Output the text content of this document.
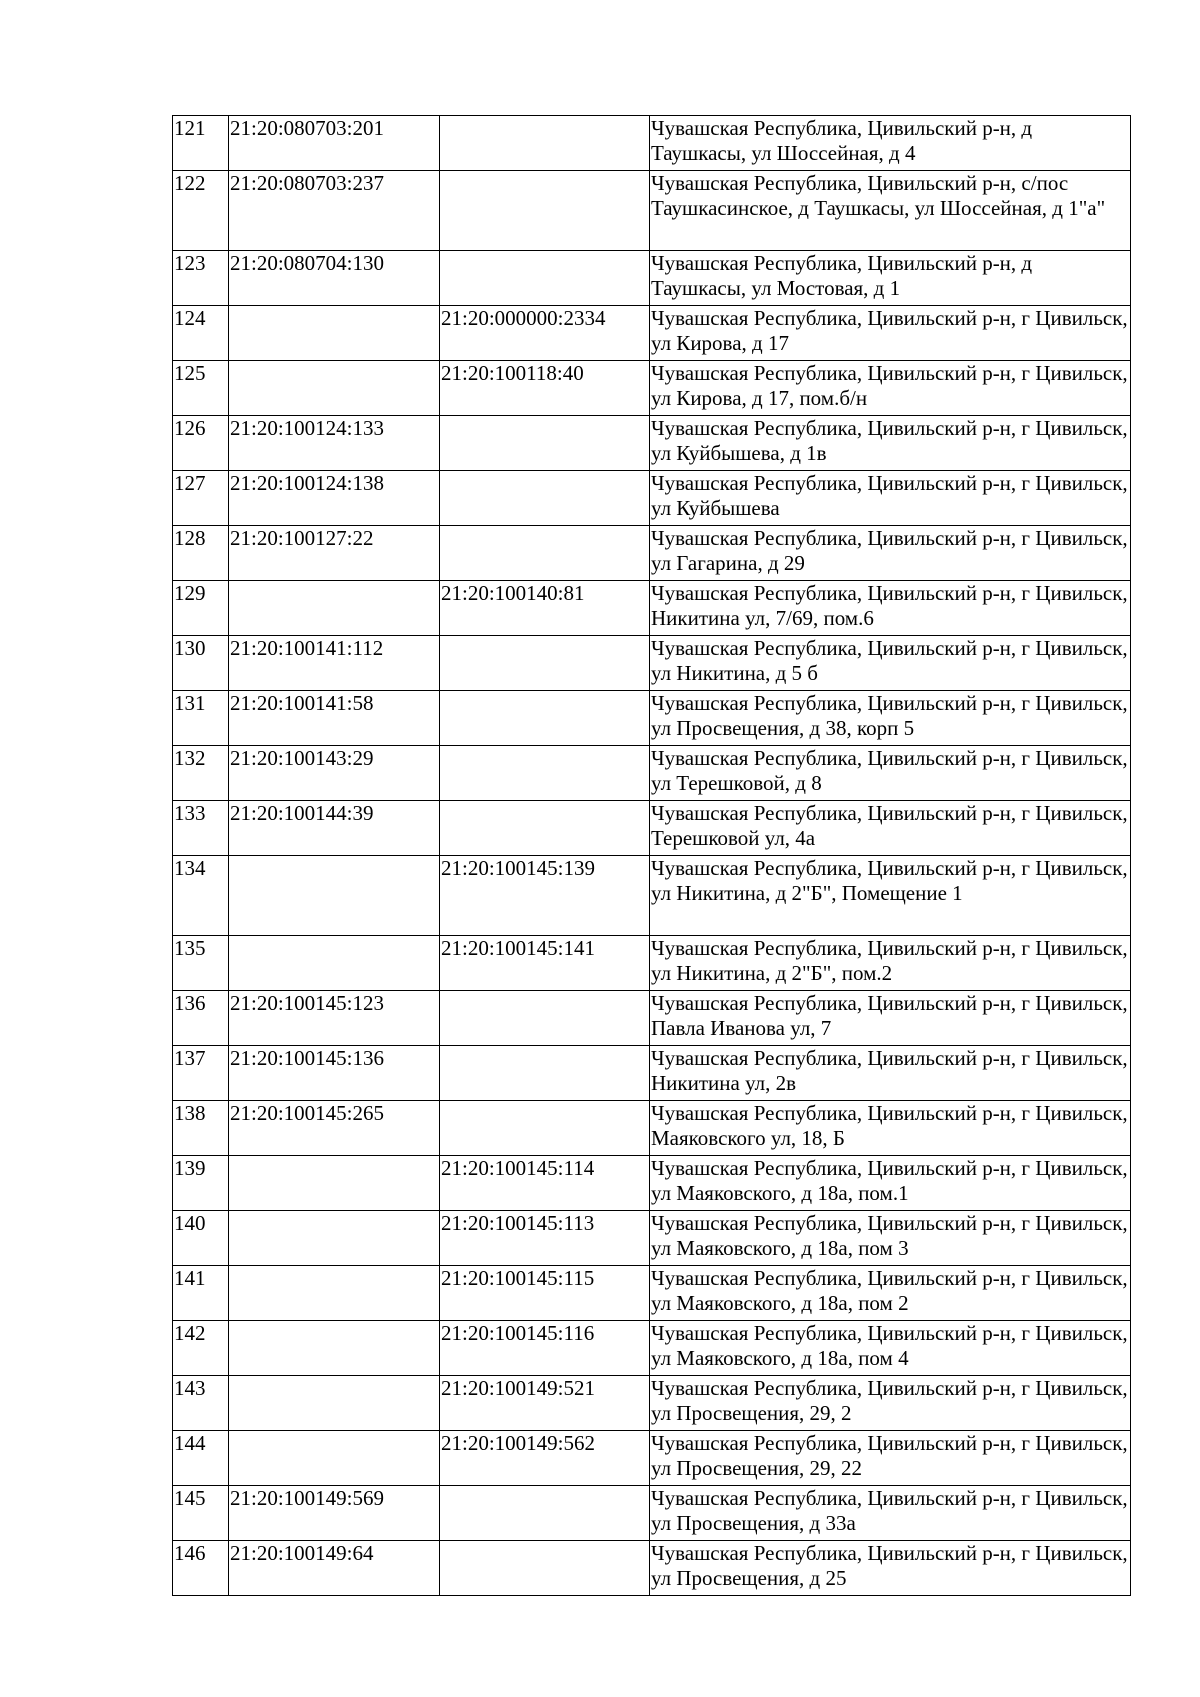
121	21:20:080703:201		Чувашская Республика, Цивильский р-н, д Таушкасы, ул Шоссейная, д 4
122	21:20:080703:237		Чувашская Республика, Цивильский р-н, с/пос Таушкасинское, д Таушкасы, ул Шоссейная, д 1"а"
123	21:20:080704:130		Чувашская Республика, Цивильский р-н, д Таушкасы, ул Мостовая, д 1
124		21:20:000000:2334	Чувашская Республика, Цивильский р-н, г Цивильск, ул Кирова, д 17
125		21:20:100118:40	Чувашская Республика, Цивильский р-н, г Цивильск, ул Кирова, д 17, пом.б/н
126	21:20:100124:133		Чувашская Республика, Цивильский р-н, г Цивильск, ул Куйбышева, д 1в
127	21:20:100124:138		Чувашская Республика, Цивильский р-н, г Цивильск, ул Куйбышева
128	21:20:100127:22		Чувашская Республика, Цивильский р-н, г Цивильск, ул Гагарина, д 29
129		21:20:100140:81	Чувашская Республика, Цивильский р-н, г Цивильск, Никитина ул, 7/69, пом.6
130	21:20:100141:112		Чувашская Республика, Цивильский р-н, г Цивильск, ул Никитина, д 5 б
131	21:20:100141:58		Чувашская Республика, Цивильский р-н, г Цивильск, ул Просвещения, д 38, корп 5
132	21:20:100143:29		Чувашская Республика, Цивильский р-н, г Цивильск, ул Терешковой, д 8
133	21:20:100144:39		Чувашская Республика, Цивильский р-н, г Цивильск, Терешковой ул, 4а
134		21:20:100145:139	Чувашская Республика, Цивильский р-н, г Цивильск, ул Никитина, д 2"Б", Помещение 1
135		21:20:100145:141	Чувашская Республика, Цивильский р-н, г Цивильск, ул Никитина, д 2"Б", пом.2
136	21:20:100145:123		Чувашская Республика, Цивильский р-н, г Цивильск, Павла Иванова ул, 7
137	21:20:100145:136		Чувашская Республика, Цивильский р-н, г Цивильск, Никитина ул, 2в
138	21:20:100145:265		Чувашская Республика, Цивильский р-н, г Цивильск, Маяковского ул, 18, Б
139		21:20:100145:114	Чувашская Республика, Цивильский р-н, г Цивильск, ул Маяковского, д 18а, пом.1
140		21:20:100145:113	Чувашская Республика, Цивильский р-н, г Цивильск, ул Маяковского, д 18а, пом 3
141		21:20:100145:115	Чувашская Республика, Цивильский р-н, г Цивильск, ул Маяковского, д 18а, пом 2
142		21:20:100145:116	Чувашская Республика, Цивильский р-н, г Цивильск, ул Маяковского, д 18а, пом 4
143		21:20:100149:521	Чувашская Республика, Цивильский р-н, г Цивильск, ул Просвещения, 29, 2
144		21:20:100149:562	Чувашская Республика, Цивильский р-н, г Цивильск, ул Просвещения, 29, 22
145	21:20:100149:569		Чувашская Республика, Цивильский р-н, г Цивильск, ул Просвещения, д 33а
146	21:20:100149:64		Чувашская Республика, Цивильский р-н, г Цивильск, ул Просвещения, д 25
